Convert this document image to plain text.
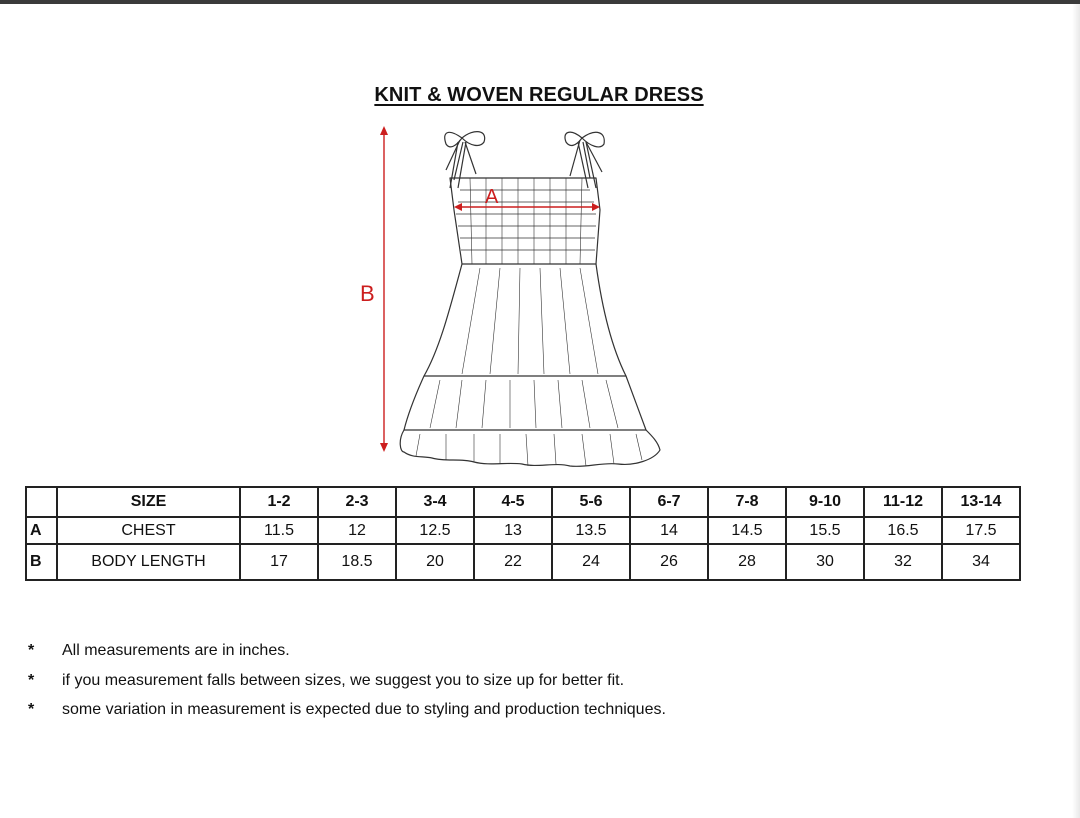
KNIT & WOVEN REGULAR DRESS
A
B
	SIZE	1-2	2-3	3-4	4-5	5-6	6-7	7-8	9-10	11-12	13-14
A	CHEST	11.5	12	12.5	13	13.5	14	14.5	15.5	16.5	17.5
B	BODY LENGTH	17	18.5	20	22	24	26	28	30	32	34
*	All measurements are in inches.
*	if you measurement falls between sizes, we suggest you to size up for better fit.
*	some variation in measurement is expected due to styling and production techniques.
